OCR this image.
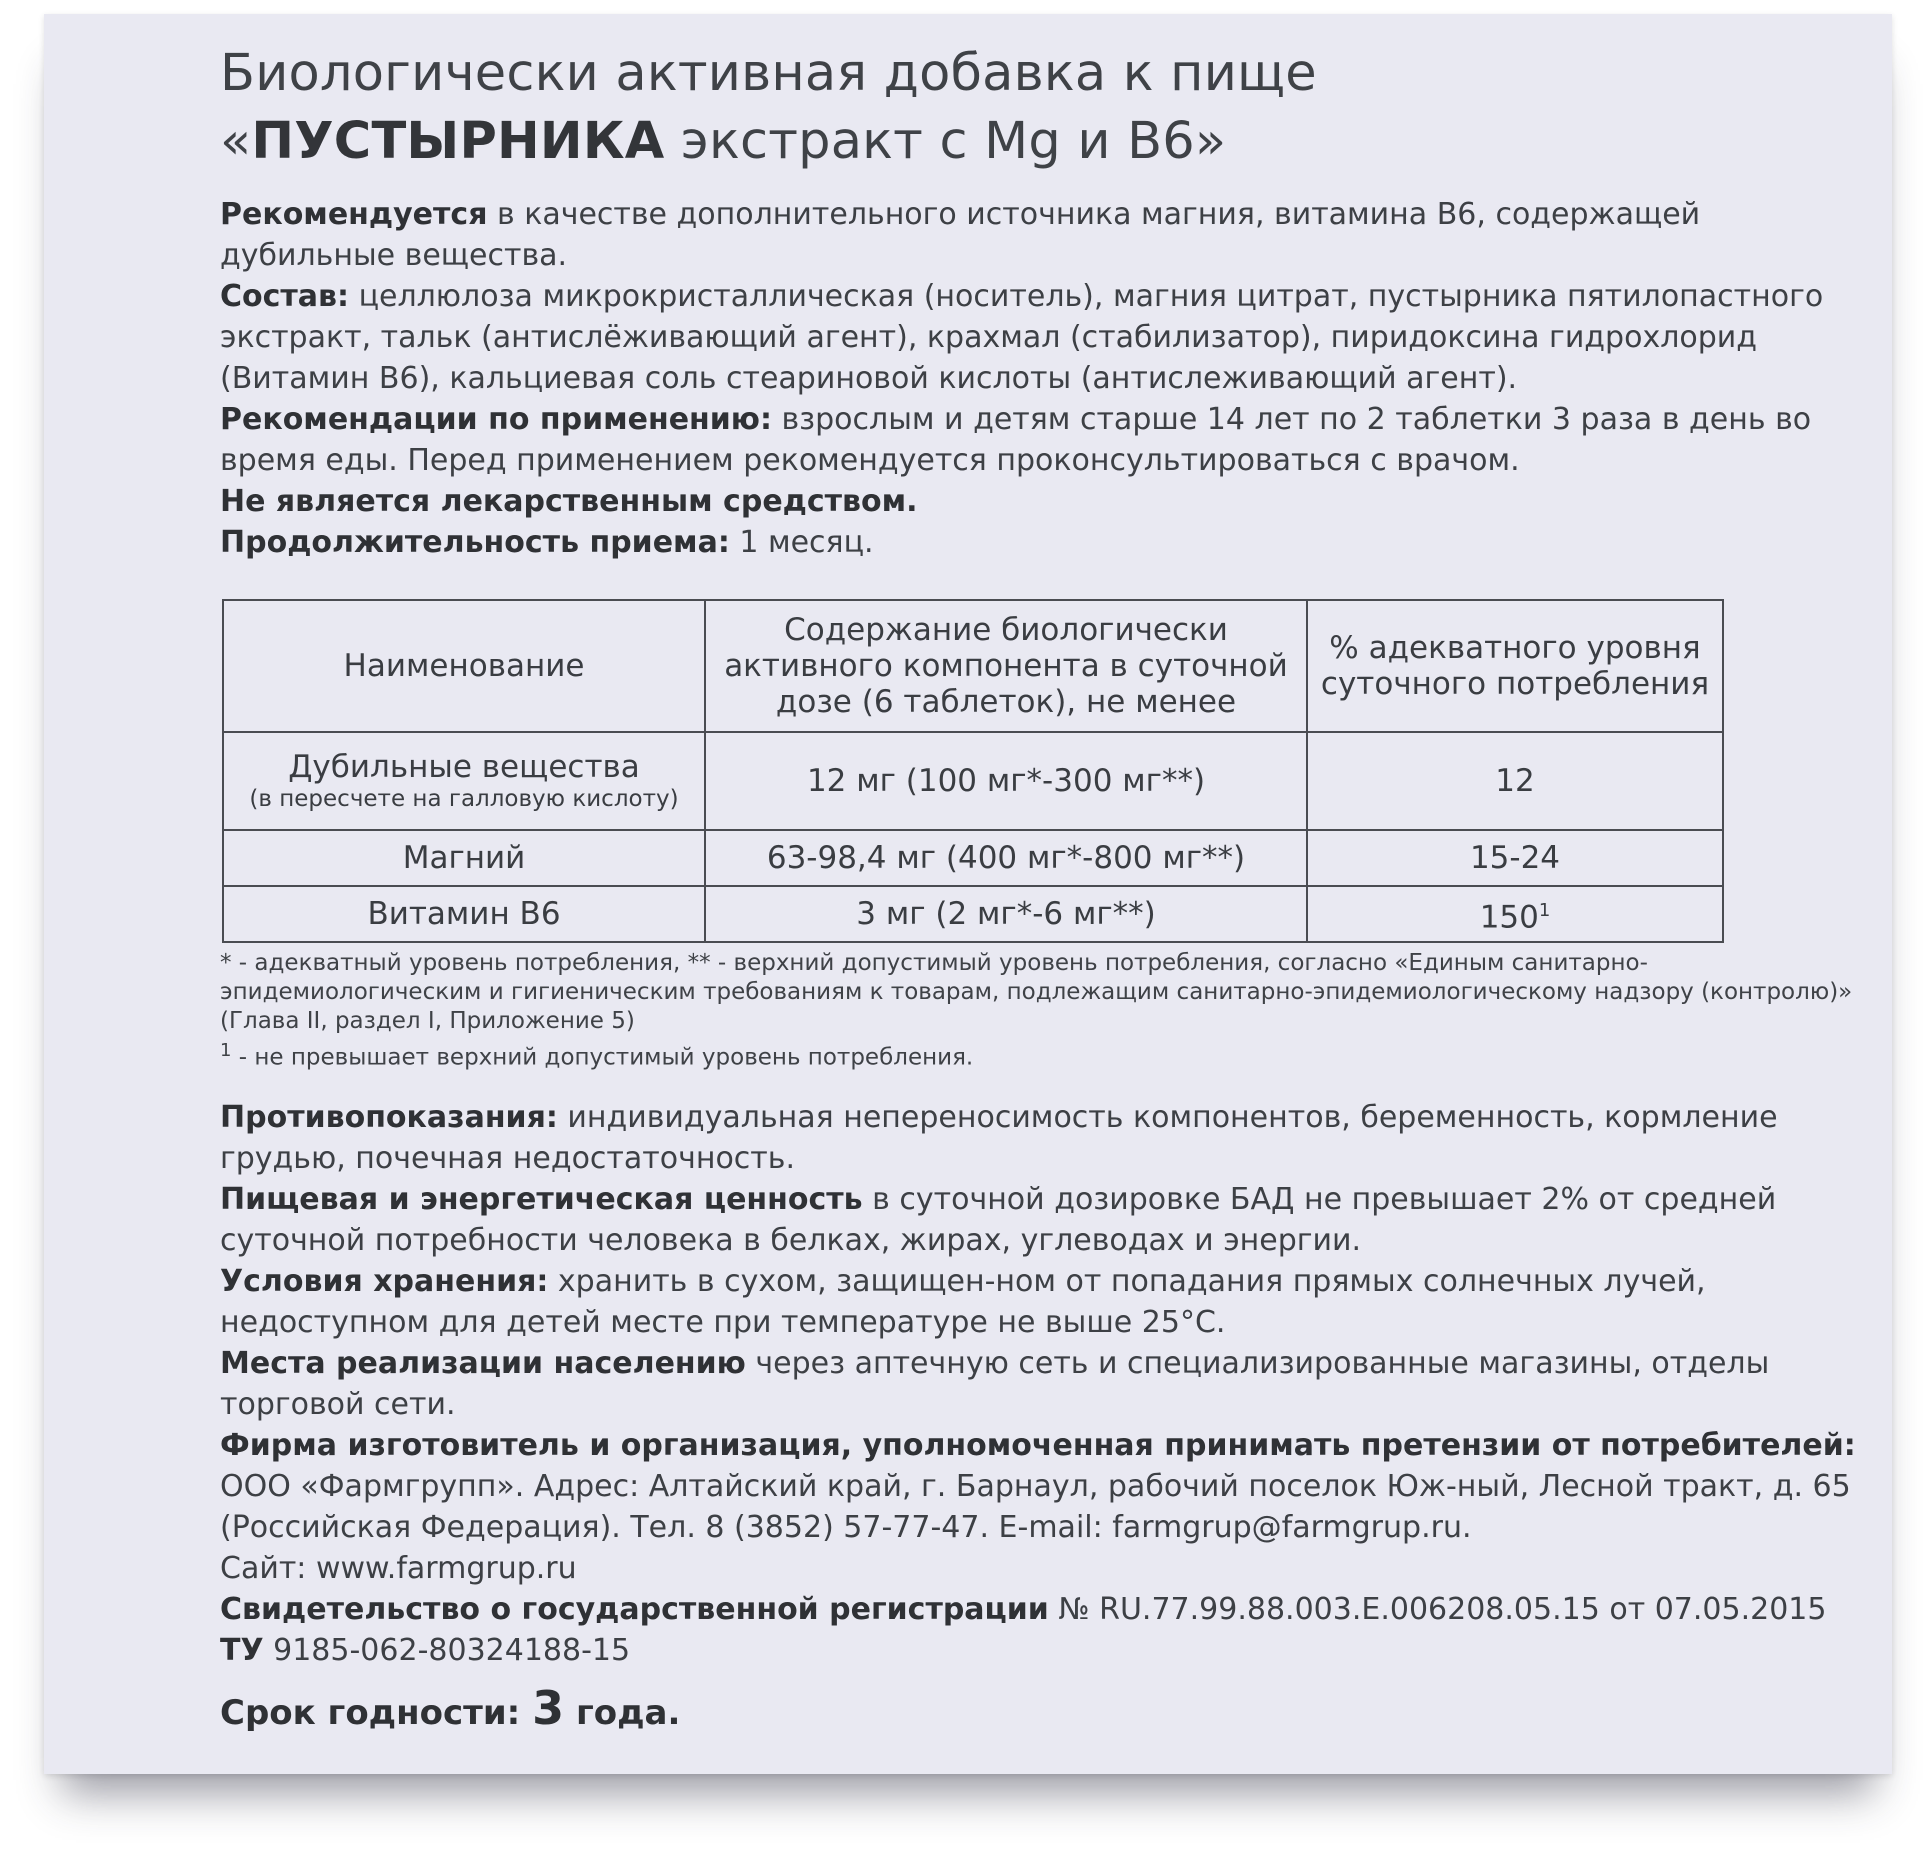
Биологически активная добавка к пище
«ПУСТЫРНИКА экстракт с Mg и B6»

Рекомендуется в качестве дополнительного источника магния, витамина B6, содержащей дубильные вещества.

Состав: целлюлоза микрокристаллическая (носитель), магния цитрат, пустырника пятилопастного экстракт, тальк (антислёживающий агент), крахмал (стабилизатор), пиридоксина гидрохлорид (Витамин B6), кальциевая соль стеариновой кислоты (антислеживающий агент).

Рекомендации по применению: взрослым и детям старше 14 лет по 2 таблетки 3 раза в день во время еды. Перед применением рекомендуется проконсультироваться с врачом.

Не является лекарственным средством.

Продолжительность приема: 1 месяц.

Наименование	Содержание биологически активного компонента в суточной дозе (6 таблеток), не менее	% адекватного уровня суточного потребления
Дубильные вещества
(в пересчете на галловую кислоту)	12 мг (100 мг*-300 мг**)	12
Магний	63-98,4 мг (400 мг*-800 мг**)	15-24
Витамин B6	3 мг (2 мг*-6 мг**)	$150^1$
* - адекватный уровень потребления, ** - верхний допустимый уровень потребления, согласно «Единым санитарно-эпидемиологическим и гигиеническим требованиям к товарам, подлежащим санитарно-эпидемиологическому надзору (контролю)» (Глава II, раздел I, Приложение 5)
$^1$ - не превышает верхний допустимый уровень потребления.

Противопоказания: индивидуальная непереносимость компонентов, беременность, кормление грудью, почечная недостаточность.

Пищевая и энергетическая ценность в суточной дозировке БАД не превышает 2% от средней суточной потребности человека в белках, жирах, углеводах и энергии.

Условия хранения: хранить в сухом, защищен-ном от попадания прямых солнечных лучей, недоступном для детей месте при температуре не выше 25°С.

Места реализации населению через аптечную сеть и специализированные магазины, отделы торговой сети.

Фирма изготовитель и организация, уполномоченная принимать претензии от потребителей:

ООО «Фармгрупп». Адрес: Алтайский край, г. Барнаул, рабочий поселок Юж-ный, Лесной тракт, д. 65 (Российская Федерация). Тел. 8 (3852) 57-77-47. E-mail: farmgrup@farmgrup.ru.

Сайт: www.farmgrup.ru

Свидетельство о государственной регистрации № RU.77.99.88.003.Е.006208.05.15 от 07.05.2015

ТУ 9185-062-80324188-15

Срок годности: 3 года.
